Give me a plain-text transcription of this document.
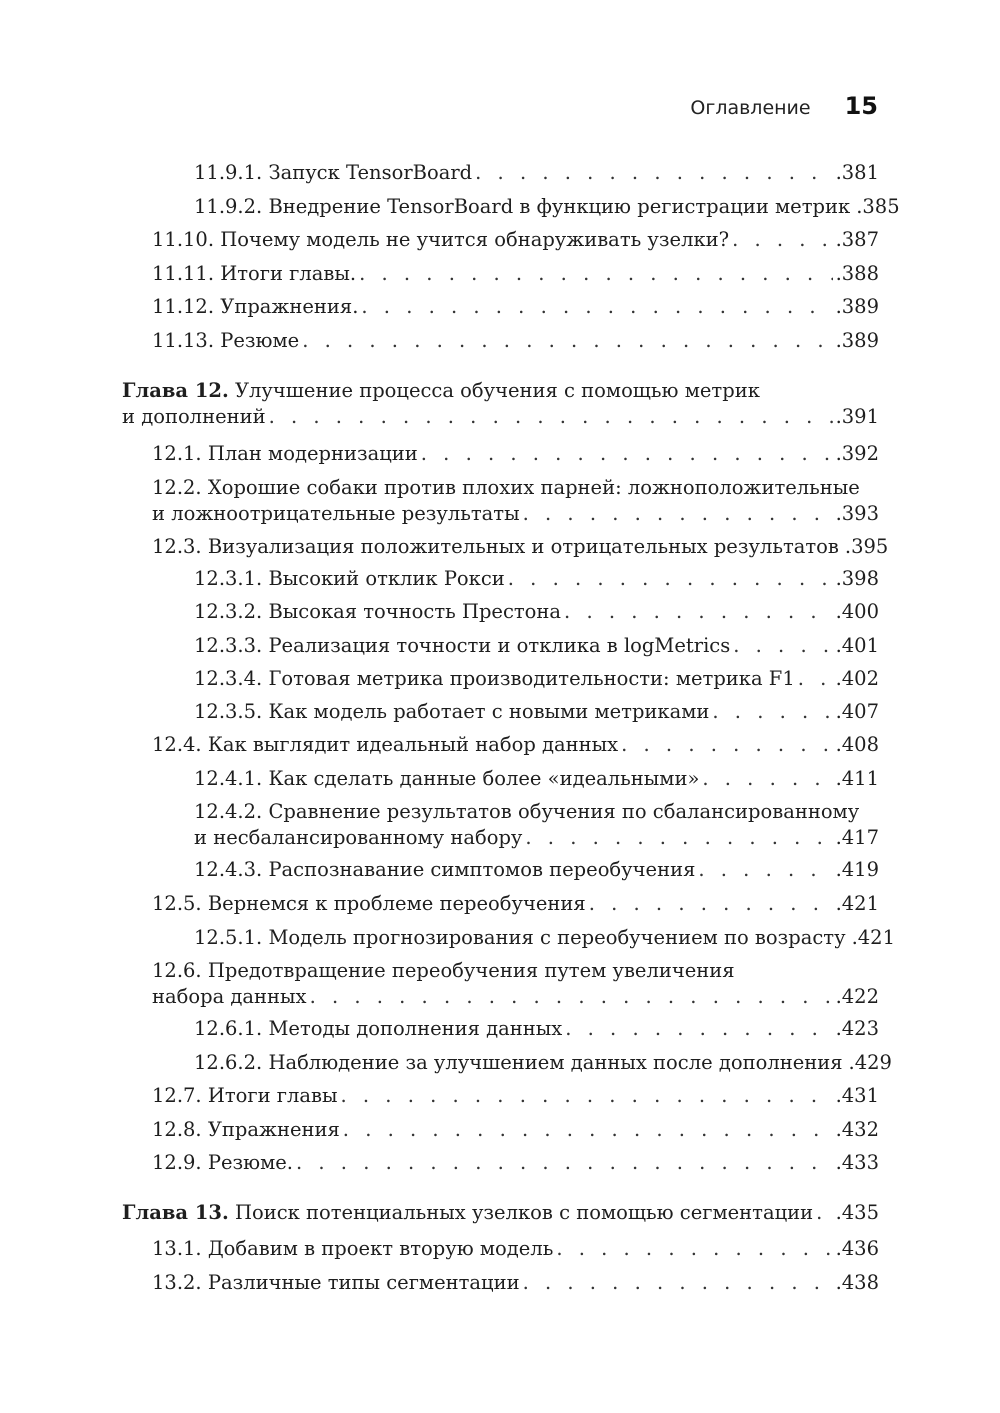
Оглавление 15
11.9.1. Запуск TensorBoard . . .	.381
11.9.2. Внедрение TensorBoard в функцию регистрации метрик .385
11.10. Почему модель не учится обнаруживать узелки? . . .	.387
11.11. Итоги главы. . . .	.388
11.12. Упражнения. . . .	.389
11.13. Резюме . . .	.389
Глава 12. Улучшение процесса обучения с помощью метрик
и дополнений . . .	.391
12.1. План модернизации . . .	.392
12.2. Хорошие собаки против плохих парней: ложноположительные
и ложноотрицательные результаты . . .	.393
12.3. Визуализация положительных и отрицательных результатов .395
12.3.1. Высокий отклик Рокси . . .	.398
12.3.2. Высокая точность Престона . . .	.400
12.3.3. Реализация точности и отклика в logMetrics . . .	.401
12.3.4. Готовая метрика производительности: метрика F1 . . . .402
12.3.5. Как модель работает с новыми метриками . . .	.407
12.4. Как выглядит идеальный набор данных . . .	.408
12.4.1. Как сделать данные более «идеальными» . . .	.411
12.4.2. Сравнение результатов обучения по сбалансированному
и несбалансированному набору . . .	.417
12.4.3. Распознавание симптомов переобучения . . .	.419
12.5. Вернемся к проблеме переобучения . . .	.421
12.5.1. Модель прогнозирования с переобучением по возрасту .421
12.6. Предотвращение переобучения путем увеличения
набора данных . . .	.422
12.6.1. Методы дополнения данных . . .	.423
12.6.2. Наблюдение за улучшением данных после дополнения .429
12.7. Итоги главы . . .	.431
12.8. Упражнения . . .	.432
12.9. Резюме. . . .	.433
Глава 13. Поиск потенциальных узелков с помощью сегментации . . . .435
13.1. Добавим в проект вторую модель . . .	.436
13.2. Различные типы сегментации . . .	.438
